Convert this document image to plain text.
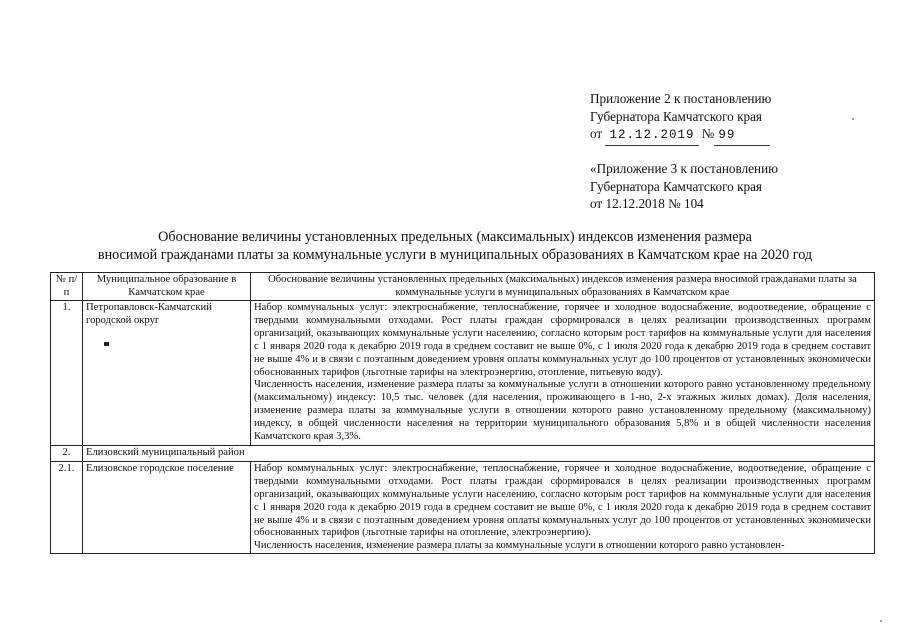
Приложение 2 к постановлению
Губернатора Камчатского края
от 12.12.2019 № 99
«Приложение 3 к постановлению
Губернатора Камчатского края
от 12.12.2018 № 104
Обоснование величины установленных предельных (максимальных) индексов изменения размера
вносимой гражданами платы за коммунальные услуги в муниципальных образованиях в Камчатском крае на 2020 год
№ п/п	Муниципальное образование в Камчатском крае	Обоснование величины установленных предельных (максимальных) индексов изменения размера вносимой гражданами платы за коммунальные услуги в муниципальных образованиях в Камчатском крае
1.	Петропавловск-Камчатский городской округ	Набор коммунальных услуг: электроснабжение, теплоснабжение, горячее и холодное водоснабжение, водоотведение, обращение с твердыми коммунальными отходами. Рост платы граждан сформировался в целях реализации производственных программ организаций, оказывающих коммунальные услуги населению, согласно которым рост тарифов на коммунальные услуги для населения с 1 января 2020 года к декабрю 2019 года в среднем составит не выше 0%, с 1 июля 2020 года к декабрю 2019 года в среднем составит не выше 4% и в связи с поэтапным доведением уровня оплаты коммунальных услуг до 100 процентов от установленных экономически обоснованных тарифов (льготные тарифы на электроэнергию, отопление, питьевую воду).
Численность населения, изменение размера платы за коммунальные услуги в отношении которого равно установленному предельному (максимальному) индексу: 10,5 тыс. человек (для населения, проживающего в 1-но, 2-х этажных жилых домах). Доля населения, изменение размера платы за коммунальные услуги в отношении которого равно установленному предельному (максимальному) индексу, в общей численности населения на территории муниципального образования 5,8% и в общей численности населения Камчатского края 3,3%.

2.	Елизовский муниципальный район	
2.1.	Елизовское городское поселение	Набор коммунальных услуг: электроснабжение, теплоснабжение, горячее и холодное водоснабжение, водоотведение, обращение с твердыми коммунальными отходами. Рост платы граждан сформировался в целях реализации производственных программ организаций, оказывающих коммунальные услуги населению, согласно которым рост тарифов на коммунальные услуги для населения с 1 января 2020 года к декабрю 2019 года в среднем составит не выше 0%, с 1 июля 2020 года к декабрю 2019 года в среднем составит не выше 4% и в связи с поэтапным доведением уровня оплаты коммунальных услуг до 100 процентов от установленных экономически обоснованных тарифов (льготные тарифы на отопление, электроэнергию).
Численность населения, изменение размера платы за коммунальные услуги в отношении которого равно установлен-
